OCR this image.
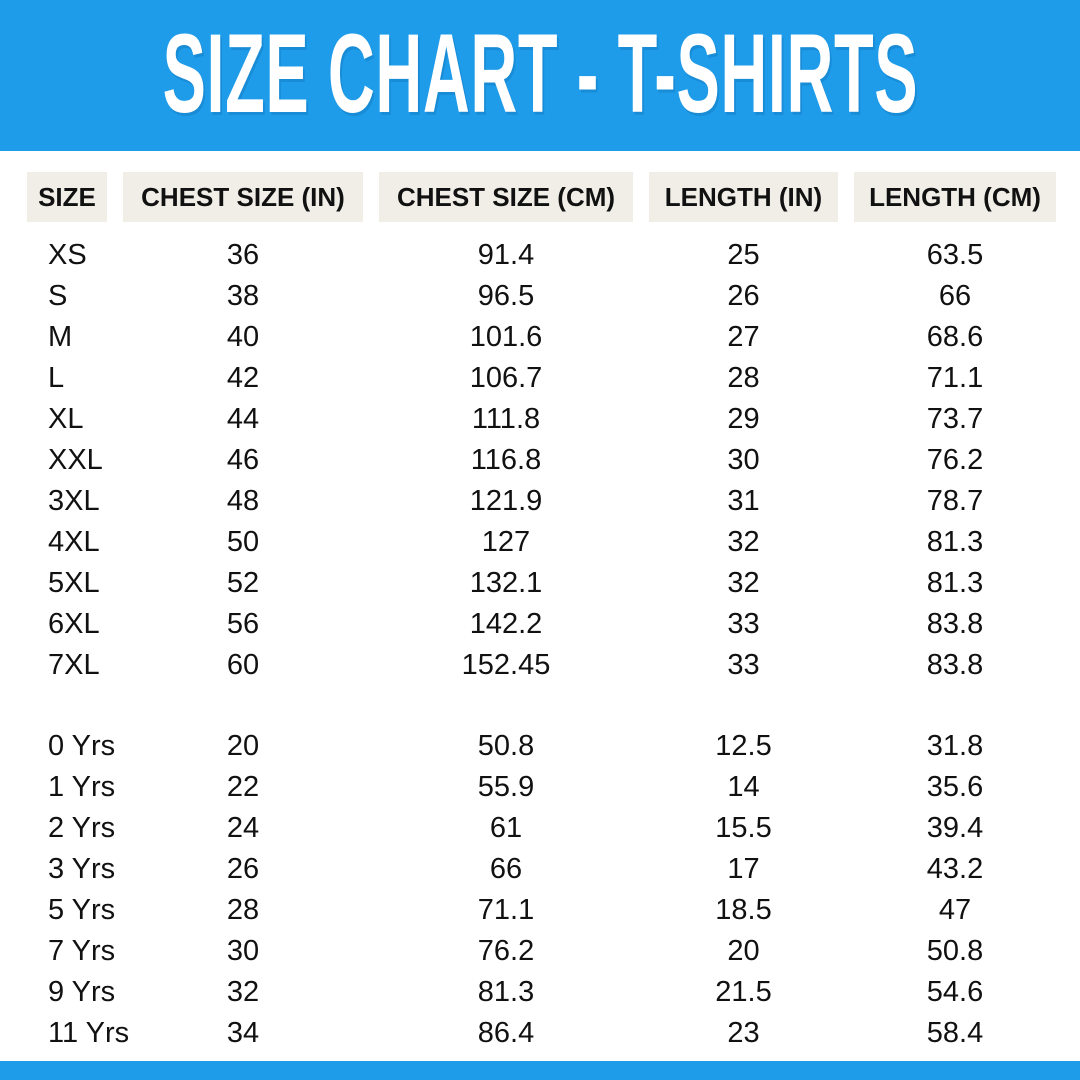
SIZE CHART - T-SHIRTS
SIZE	CHEST SIZE (IN)	CHEST SIZE (CM)	LENGTH (IN)	LENGTH (CM)
XS	36	91.4	25	63.5
S	38	96.5	26	66
M	40	101.6	27	68.6
L	42	106.7	28	71.1
XL	44	111.8	29	73.7
XXL	46	116.8	30	76.2
3XL	48	121.9	31	78.7
4XL	50	127	32	81.3
5XL	52	132.1	32	81.3
6XL	56	142.2	33	83.8
7XL	60	152.45	33	83.8
0 Yrs	20	50.8	12.5	31.8
1 Yrs	22	55.9	14	35.6
2 Yrs	24	61	15.5	39.4
3 Yrs	26	66	17	43.2
5 Yrs	28	71.1	18.5	47
7 Yrs	30	76.2	20	50.8
9 Yrs	32	81.3	21.5	54.6
11 Yrs	34	86.4	23	58.4
